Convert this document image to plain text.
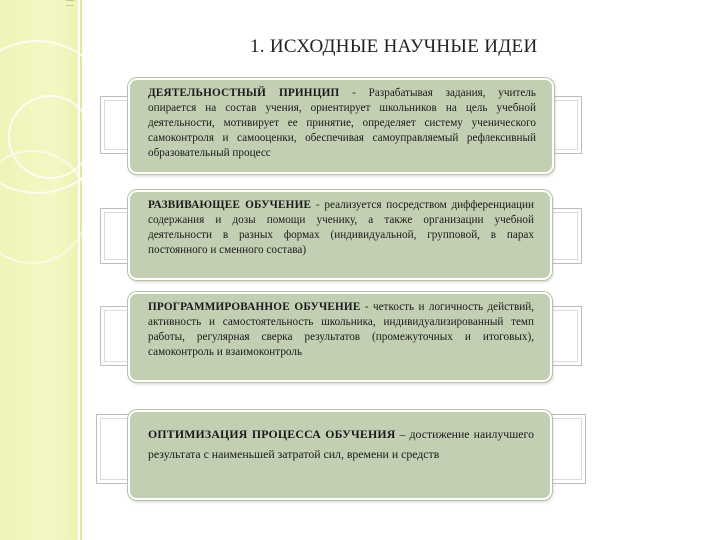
1. ИСХОДНЫЕ НАУЧНЫЕ ИДЕИ
ДЕЯТЕЛЬНОСТНЫЙ ПРИНЦИП - Разрабатывая задания, учитель опирается на состав учения, ориентирует школьников на цель учебной деятельности, мотивирует ее принятие, определяет систему ученического самоконтроля и самооценки, обеспечивая самоуправляемый рефлексивный образовательный процесс
РАЗВИВАЮЩЕЕ ОБУЧЕНИЕ - реализуется посредством дифференциации содержания и дозы помощи ученику, а также организации учебной деятельности в разных формах (индивидуальной, групповой, в парах постоянного и сменного состава)
ПРОГРАММИРОВАННОЕ ОБУЧЕНИЕ - четкость и логичность действий, активность и самостоятельность школьника, индивидуализированный темп работы, регулярная сверка результатов (промежуточных и итоговых), самоконтроль и взаимоконтроль
ОПТИМИЗАЦИЯ ПРОЦЕССА ОБУЧЕНИЯ – достижение наилучшего результата с наименьшей затратой сил, времени и средств
